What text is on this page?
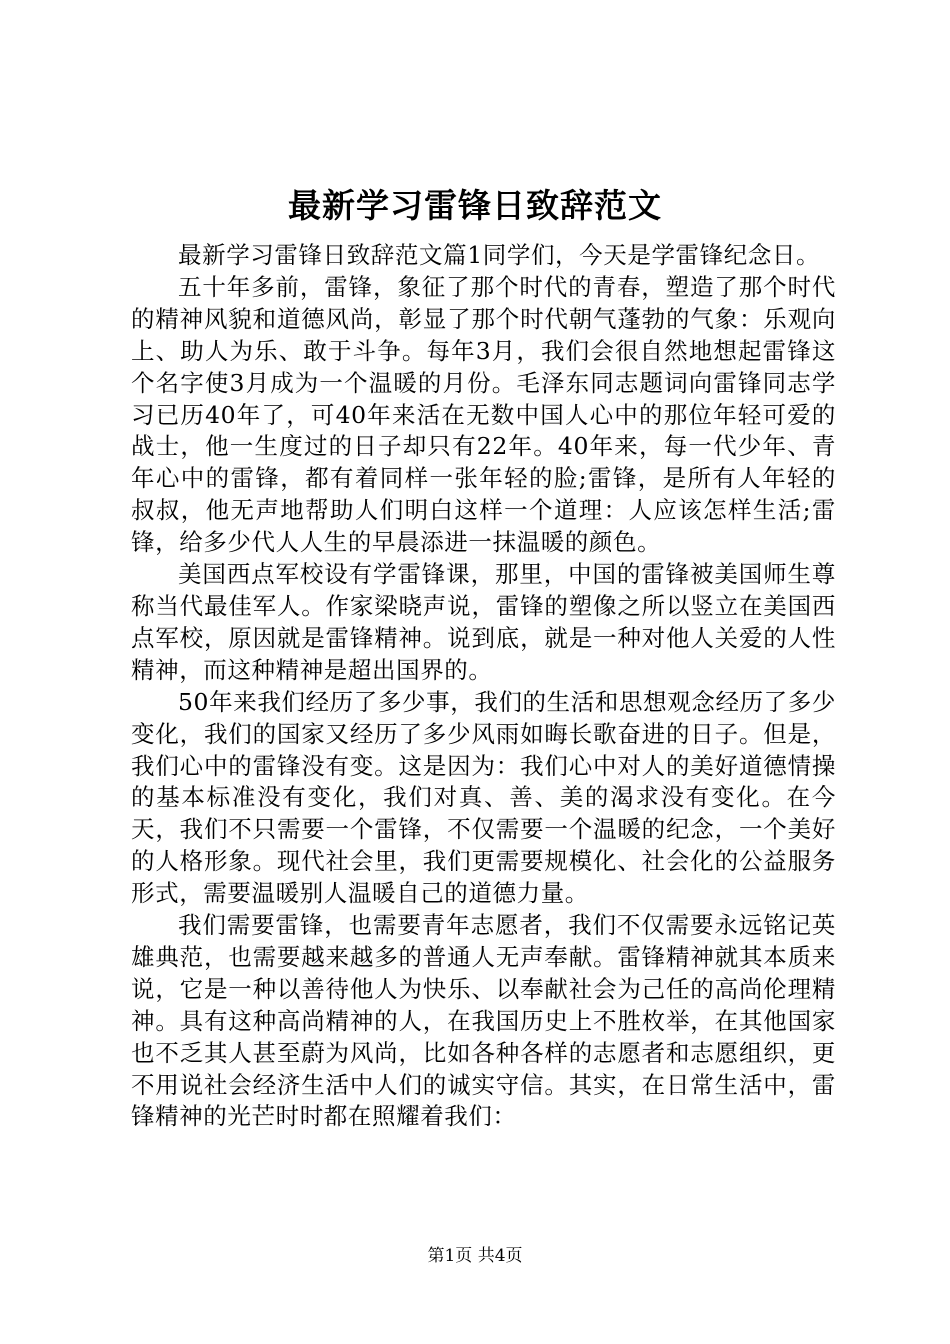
最新学习雷锋日致辞范文

最新学习雷锋日致辞范文篇1同学们，今天是学雷锋纪念日。

五十年多前，雷锋，象征了那个时代的青春，塑造了那个时代的精神风貌和道德风尚，彰显了那个时代朝气蓬勃的气象：乐观向上、助人为乐、敢于斗争。每年3月，我们会很自然地想起雷锋这个名字使3月成为一个温暖的月份。毛泽东同志题词向雷锋同志学习已历40年了，可40年来活在无数中国人心中的那位年轻可爱的战士，他一生度过的日子却只有22年。40年来，每一代少年、青年心中的雷锋，都有着同样一张年轻的脸;雷锋，是所有人年轻的叔叔，他无声地帮助人们明白这样一个道理：人应该怎样生活;雷锋，给多少代人人生的早晨添进一抹温暖的颜色。

美国西点军校设有学雷锋课，那里，中国的雷锋被美国师生尊称当代最佳军人。作家梁晓声说，雷锋的塑像之所以竖立在美国西点军校，原因就是雷锋精神。说到底，就是一种对他人关爱的人性精神，而这种精神是超出国界的。

50年来我们经历了多少事，我们的生活和思想观念经历了多少变化，我们的国家又经历了多少风雨如晦长歌奋进的日子。但是，我们心中的雷锋没有变。这是因为：我们心中对人的美好道德情操的基本标准没有变化，我们对真、善、美的渴求没有变化。在今天，我们不只需要一个雷锋，不仅需要一个温暖的纪念，一个美好的人格形象。现代社会里，我们更需要规模化、社会化的公益服务形式，需要温暖别人温暖自己的道德力量。

我们需要雷锋，也需要青年志愿者，我们不仅需要永远铭记英雄典范，也需要越来越多的普通人无声奉献。雷锋精神就其本质来说，它是一种以善待他人为快乐、以奉献社会为己任的高尚伦理精神。具有这种高尚精神的人，在我国历史上不胜枚举，在其他国家也不乏其人甚至蔚为风尚，比如各种各样的志愿者和志愿组织，更不用说社会经济生活中人们的诚实守信。其实，在日常生活中，雷锋精神的光芒时时都在照耀着我们：

第1页 共4页
